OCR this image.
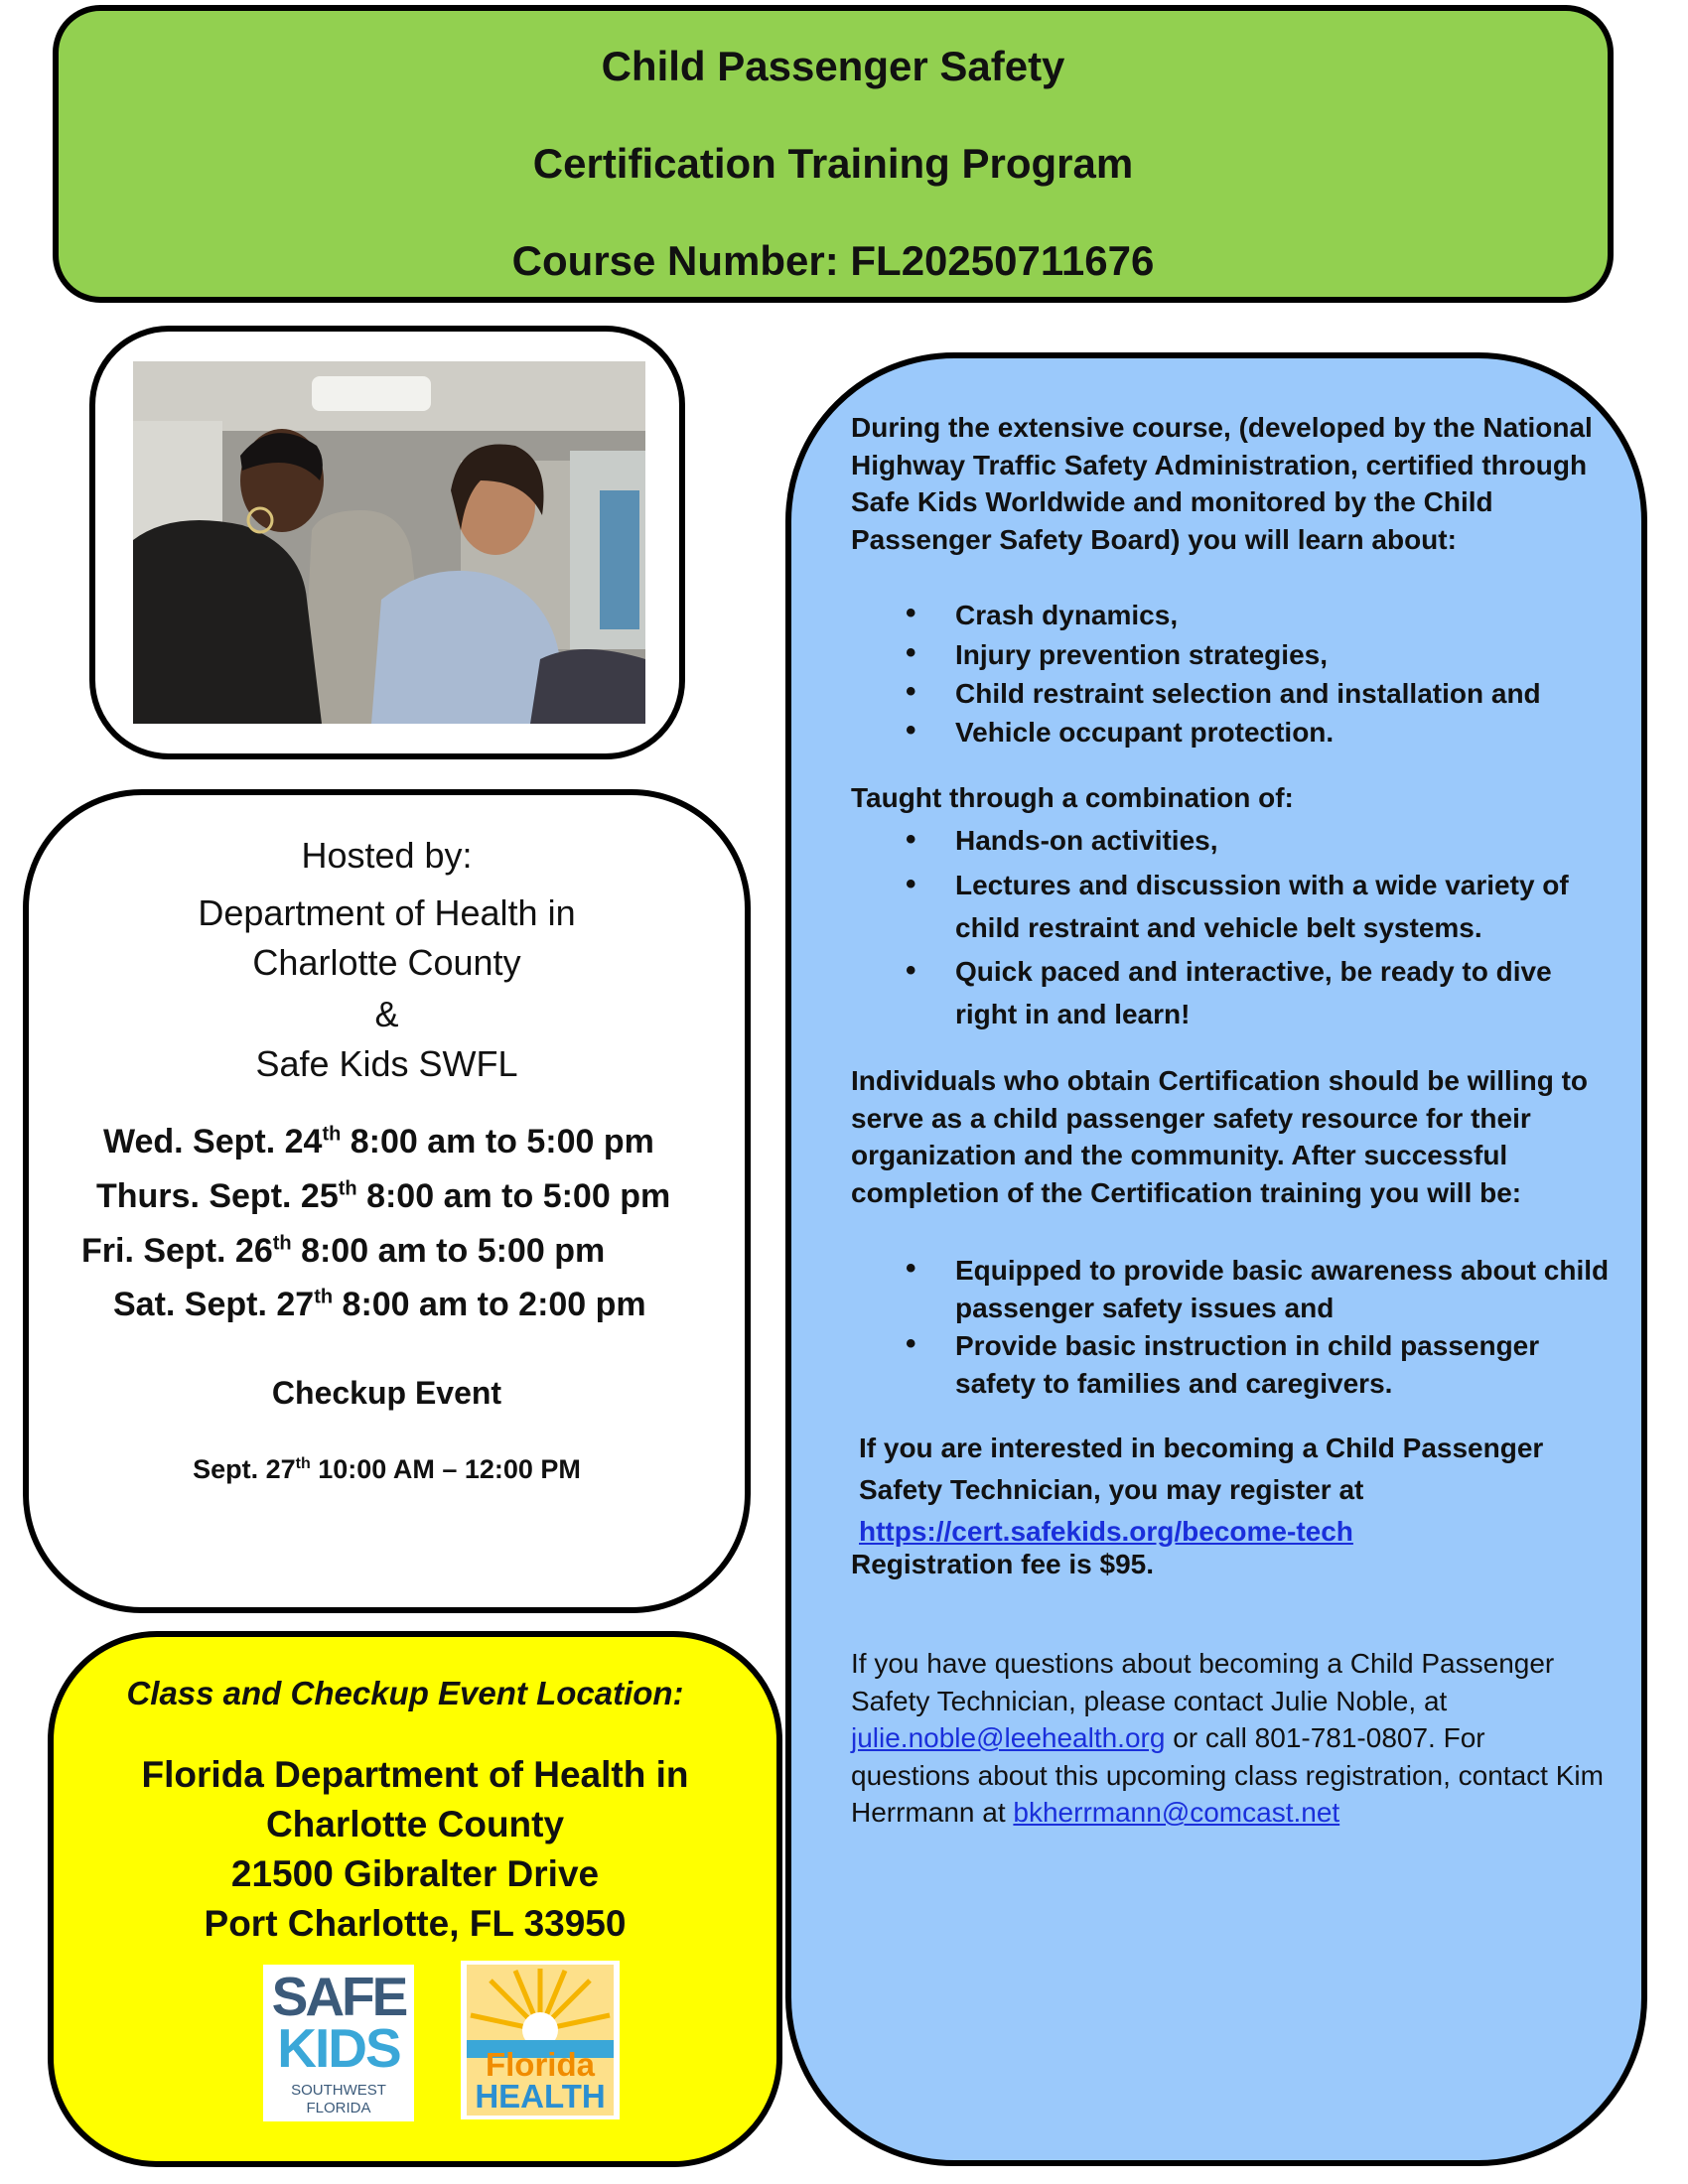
Child Passenger Safety
Certification Training Program
Course Number: FL20250711676
Hosted by:
Department of Health in
Charlotte County
&
Safe Kids SWFL
Wed. Sept. 24th 8:00 am to 5:00 pm
Thurs. Sept. 25th 8:00 am to 5:00 pm
Fri. Sept. 26th 8:00 am to 5:00 pm
Sat. Sept. 27th 8:00 am to 2:00 pm
Checkup Event
Sept. 27th 10:00 AM – 12:00 PM
Class and Checkup Event Location:
Florida Department of Health in
Charlotte County
21500 Gibralter Drive
Port Charlotte, FL 33950
SAFE
KIDS
SOUTHWEST
FLORIDA
Florida
HEALTH
During the extensive course, (developed by the National Highway Traffic Safety Administration, certified through Safe Kids Worldwide and monitored by the Child Passenger Safety Board) you will learn about:
• Crash dynamics,
• Injury prevention strategies,
• Child restraint selection and installation and
• Vehicle occupant protection.
Taught through a combination of:
• Hands-on activities,
• Lectures and discussion with a wide variety of child restraint and vehicle belt systems.
• Quick paced and interactive, be ready to dive right in and learn!
Individuals who obtain Certification should be willing to serve as a child passenger safety resource for their organization and the community. After successful completion of the Certification training you will be:
• Equipped to provide basic awareness about child passenger safety issues and
• Provide basic instruction in child passenger safety to families and caregivers.
If you are interested in becoming a Child Passenger Safety Technician, you may register at
https://cert.safekids.org/become-tech
Registration fee is $95.
If you have questions about becoming a Child Passenger Safety Technician, please contact Julie Noble, at julie.noble@leehealth.org or call 801-781-0807. For questions about this upcoming class registration, contact Kim Herrmann at bkherrmann@comcast.net
